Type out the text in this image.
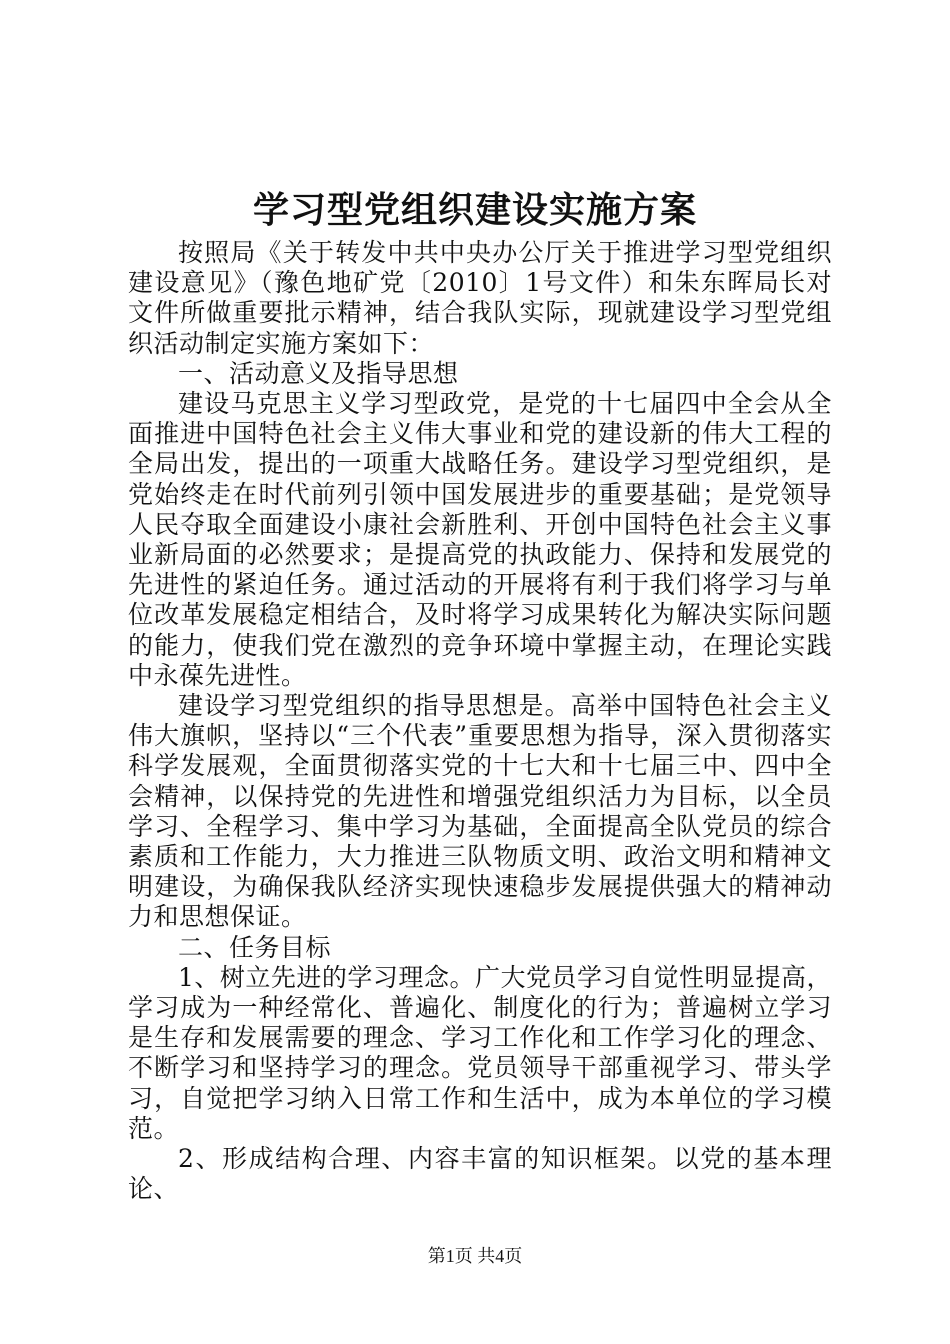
学习型党组织建设实施方案

按照局《关于转发中共中央办公厅关于推进学习型党组织建设意见》（豫色地矿党〔2010〕1号文件）和朱东晖局长对文件所做重要批示精神，结合我队实际，现就建设学习型党组织活动制定实施方案如下：

一、活动意义及指导思想

建设马克思主义学习型政党，是党的十七届四中全会从全面推进中国特色社会主义伟大事业和党的建设新的伟大工程的全局出发，提出的一项重大战略任务。建设学习型党组织，是党始终走在时代前列引领中国发展进步的重要基础；是党领导人民夺取全面建设小康社会新胜利、开创中国特色社会主义事业新局面的必然要求；是提高党的执政能力、保持和发展党的先进性的紧迫任务。通过活动的开展将有利于我们将学习与单位改革发展稳定相结合，及时将学习成果转化为解决实际问题的能力，使我们党在激烈的竞争环境中掌握主动，在理论实践中永葆先进性。

建设学习型党组织的指导思想是。高举中国特色社会主义伟大旗帜，坚持以“三个代表”重要思想为指导，深入贯彻落实科学发展观，全面贯彻落实党的十七大和十七届三中、四中全会精神，以保持党的先进性和增强党组织活力为目标，以全员学习、全程学习、集中学习为基础，全面提高全队党员的综合素质和工作能力，大力推进三队物质文明、政治文明和精神文明建设，为确保我队经济实现快速稳步发展提供强大的精神动力和思想保证。

二、任务目标

1、树立先进的学习理念。广大党员学习自觉性明显提高，学习成为一种经常化、普遍化、制度化的行为；普遍树立学习是生存和发展需要的理念、学习工作化和工作学习化的理念、不断学习和坚持学习的理念。党员领导干部重视学习、带头学习，自觉把学习纳入日常工作和生活中，成为本单位的学习模范。

2、形成结构合理、内容丰富的知识框架。以党的基本理论、

第1页 共4页
